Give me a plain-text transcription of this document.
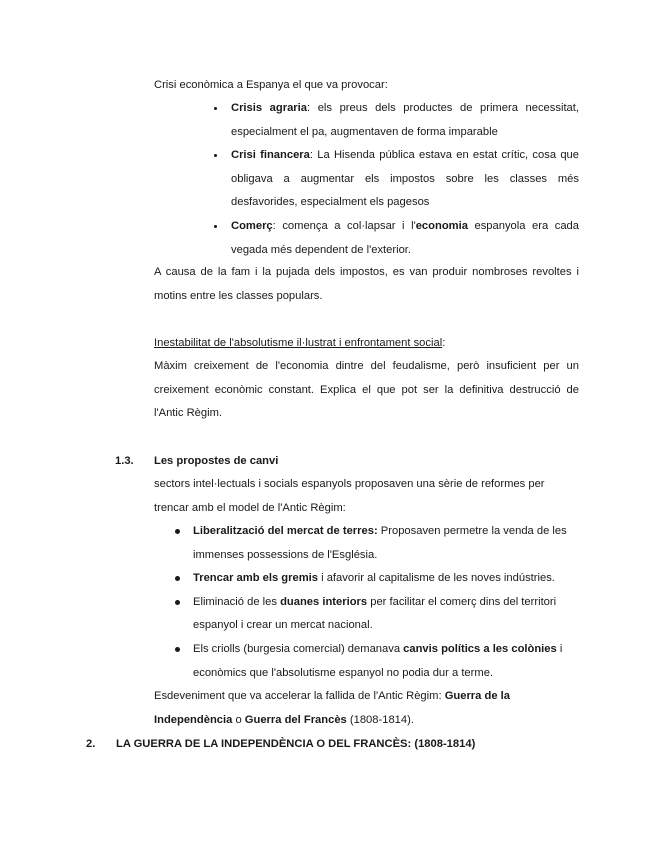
Crisi econòmica a Espanya el que va provocar:

Crisis agraria: els preus dels productes de primera necessitat,
especialment el pa, augmentaven de forma imparable
Crisi financera: La Hisenda pública estava en estat crític, cosa que
obligava a augmentar els impostos sobre les classes més
desfavorides, especialment els pagesos
Comerç: comença a col·lapsar i l'economia espanyola era cada
vegada més dependent de l'exterior.
A causa de la fam i la pujada dels impostos, es van produir nombroses revoltes i
motins entre les classes populars.

Inestabilitat de l'absolutisme il·lustrat i enfrontament social:

Màxim creixement de l'economia dintre del feudalisme, però insuficient per un
creixement econòmic constant. Explica el que pot ser la definitiva destrucció de
l'Antic Règim.

1.3. Les propostes de canvi

sectors intel·lectuals i socials espanyols proposaven una sèrie de reformes per
trencar amb el model de l'Antic Règim:
Liberalització del mercat de terres: Proposaven permetre la venda de les
immenses possessions de l'Església.
Trencar amb els gremis i afavorir al capitalisme de les noves indústries.
Eliminació de les duanes interiors per facilitar el comerç dins del territori
espanyol i crear un mercat nacional.
Els criolls (burgesia comercial) demanava canvis polítics a les colònies i
econòmics que l'absolutisme espanyol no podia dur a terme.
Esdeveniment que va accelerar la fallida de l'Antic Règim: Guerra de la
Independència o Guerra del Francès (1808-1814).

2. LA GUERRA DE LA INDEPENDÈNCIA O DEL FRANCÈS: (1808-1814)
